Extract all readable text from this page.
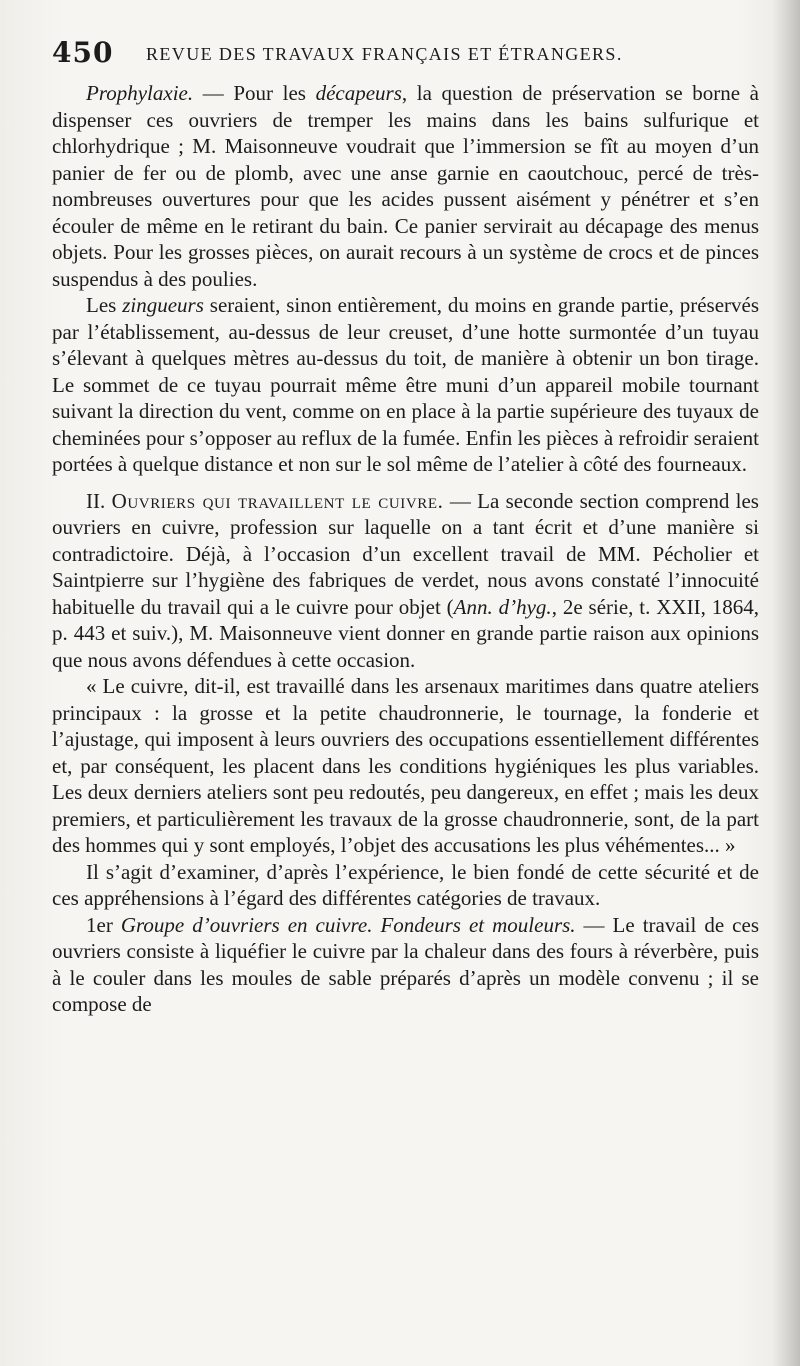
450 REVUE DES TRAVAUX FRANÇAIS ET ÉTRANGERS.

Prophylaxie. — Pour les décapeurs, la question de préservation se borne à dispenser ces ouvriers de tremper les mains dans les bains sulfurique et chlorhydrique ; M. Maisonneuve voudrait que l’immersion se fît au moyen d’un panier de fer ou de plomb, avec une anse garnie en caoutchouc, percé de très-nombreuses ouvertures pour que les acides pussent aisément y pénétrer et s’en écouler de même en le retirant du bain. Ce panier servirait au décapage des menus objets. Pour les grosses pièces, on aurait recours à un système de crocs et de pinces suspendus à des poulies.

Les zingueurs seraient, sinon entièrement, du moins en grande partie, préservés par l’établissement, au-dessus de leur creuset, d’une hotte surmontée d’un tuyau s’élevant à quelques mètres au-dessus du toit, de manière à obtenir un bon tirage. Le sommet de ce tuyau pourrait même être muni d’un appareil mobile tournant suivant la direction du vent, comme on en place à la partie supérieure des tuyaux de cheminées pour s’opposer au reflux de la fumée. Enfin les pièces à refroidir seraient portées à quelque distance et non sur le sol même de l’atelier à côté des fourneaux.

II. Ouvriers qui travaillent le cuivre. — La seconde section comprend les ouvriers en cuivre, profession sur laquelle on a tant écrit et d’une manière si contradictoire. Déjà, à l’occasion d’un excellent travail de MM. Pécholier et Saintpierre sur l’hygiène des fabriques de verdet, nous avons constaté l’innocuité habituelle du travail qui a le cuivre pour objet (Ann. d’hyg., 2e série, t. XXII, 1864, p. 443 et suiv.), M. Maisonneuve vient donner en grande partie raison aux opinions que nous avons défendues à cette occasion.

« Le cuivre, dit-il, est travaillé dans les arsenaux maritimes dans quatre ateliers principaux : la grosse et la petite chaudronnerie, le tournage, la fonderie et l’ajustage, qui imposent à leurs ouvriers des occupations essentiellement différentes et, par conséquent, les placent dans les conditions hygiéniques les plus variables. Les deux derniers ateliers sont peu redoutés, peu dangereux, en effet ; mais les deux premiers, et particulièrement les travaux de la grosse chaudronnerie, sont, de la part des hommes qui y sont employés, l’objet des accusations les plus véhémentes... »

Il s’agit d’examiner, d’après l’expérience, le bien fondé de cette sécurité et de ces appréhensions à l’égard des différentes catégories de travaux.

1er Groupe d’ouvriers en cuivre. Fondeurs et mouleurs. — Le travail de ces ouvriers consiste à liquéfier le cuivre par la chaleur dans des fours à réverbère, puis à le couler dans les moules de sable préparés d’après un modèle convenu ; il se compose de
